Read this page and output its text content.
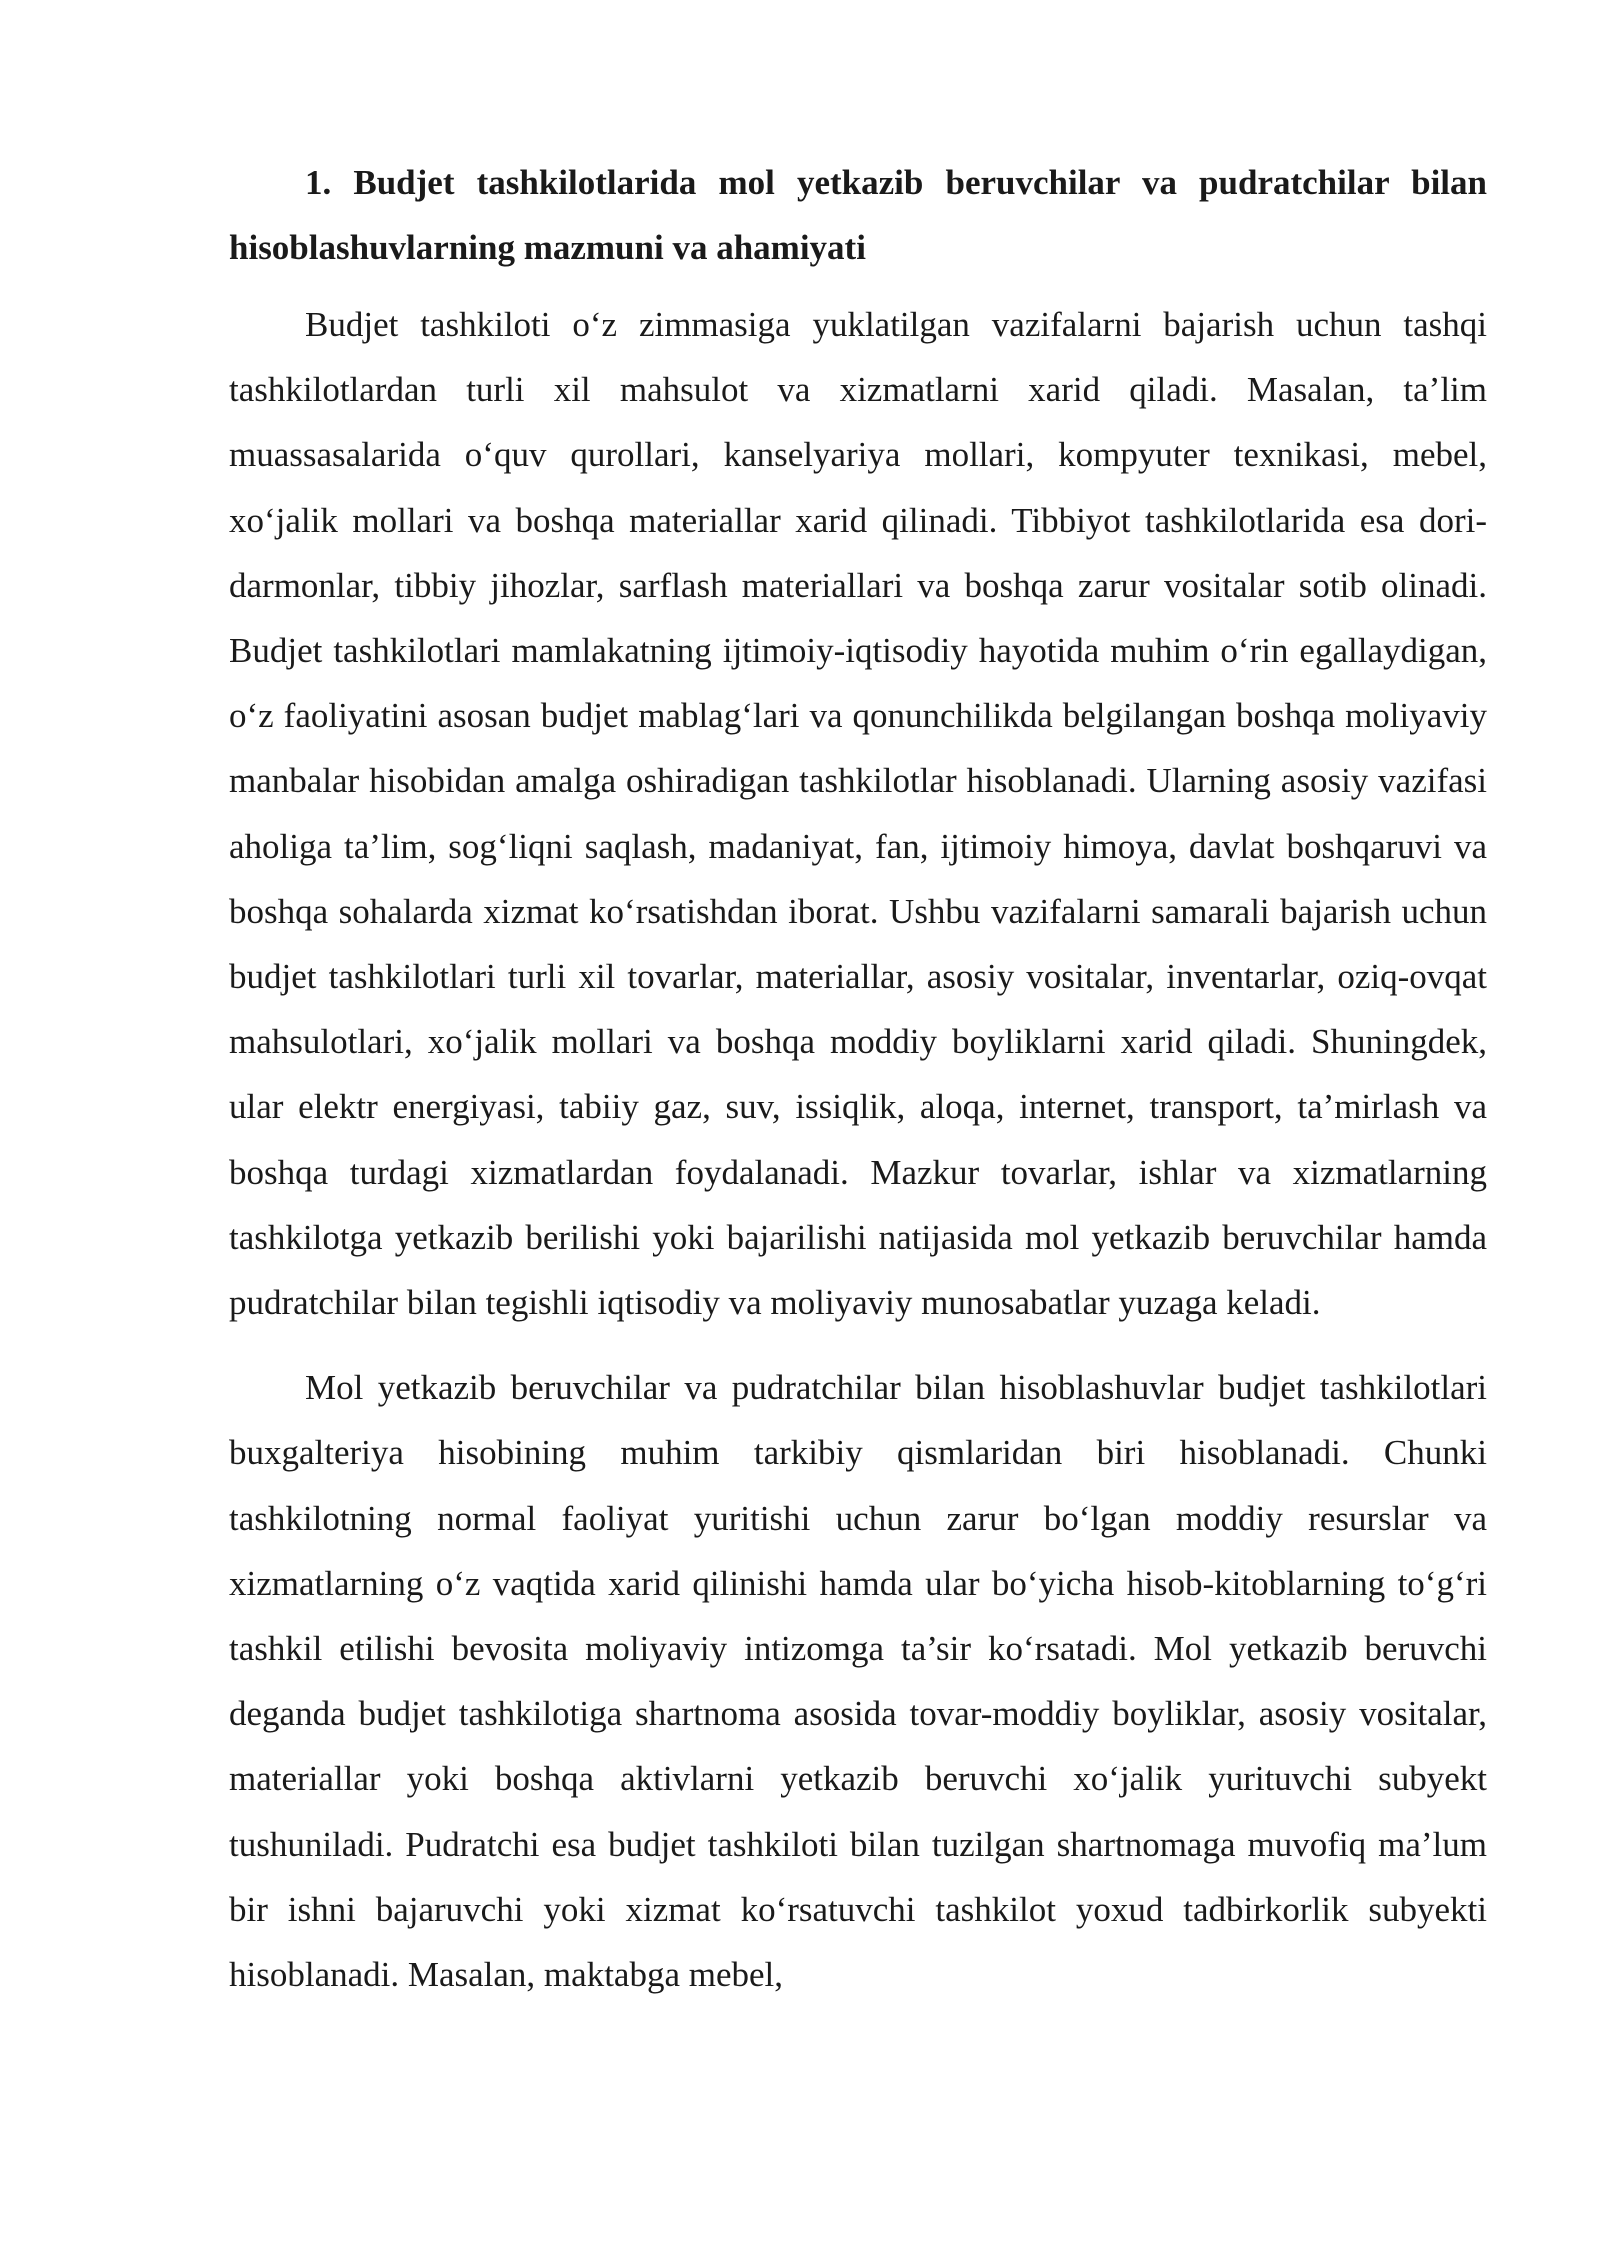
1. Budjet tashkilotlarida mol yetkazib beruvchilar va pudratchilar bilan hisoblashuvlarning mazmuni va ahamiyati

Budjet tashkiloti o‘z zimmasiga yuklatilgan vazifalarni bajarish uchun tashqi tashkilotlardan turli xil mahsulot va xizmatlarni xarid qiladi. Masalan, ta’lim muassasalarida o‘quv qurollari, kanselyariya mollari, kompyuter texnikasi, mebel, xo‘jalik mollari va boshqa materiallar xarid qilinadi. Tibbiyot tashkilotlarida esa dori-darmonlar, tibbiy jihozlar, sarflash materiallari va boshqa zarur vositalar sotib olinadi. Budjet tashkilotlari mamlakatning ijtimoiy-iqtisodiy hayotida muhim o‘rin egallaydigan, o‘z faoliyatini asosan budjet mablag‘lari va qonunchilikda belgilangan boshqa moliyaviy manbalar hisobidan amalga oshiradigan tashkilotlar hisoblanadi. Ularning asosiy vazifasi aholiga ta’lim, sog‘liqni saqlash, madaniyat, fan, ijtimoiy himoya, davlat boshqaruvi va boshqa sohalarda xizmat ko‘rsatishdan iborat. Ushbu vazifalarni samarali bajarish uchun budjet tashkilotlari turli xil tovarlar, materiallar, asosiy vositalar, inventarlar, oziq-ovqat mahsulotlari, xo‘jalik mollari va boshqa moddiy boyliklarni xarid qiladi. Shuningdek, ular elektr energiyasi, tabiiy gaz, suv, issiqlik, aloqa, internet, transport, ta’mirlash va boshqa turdagi xizmatlardan foydalanadi. Mazkur tovarlar, ishlar va xizmatlarning tashkilotga yetkazib berilishi yoki bajarilishi natijasida mol yetkazib beruvchilar hamda pudratchilar bilan tegishli iqtisodiy va moliyaviy munosabatlar yuzaga keladi.

Mol yetkazib beruvchilar va pudratchilar bilan hisoblashuvlar budjet tashkilotlari buxgalteriya hisobining muhim tarkibiy qismlaridan biri hisoblanadi. Chunki tashkilotning normal faoliyat yuritishi uchun zarur bo‘lgan moddiy resurslar va xizmatlarning o‘z vaqtida xarid qilinishi hamda ular bo‘yicha hisob-kitoblarning to‘g‘ri tashkil etilishi bevosita moliyaviy intizomga ta’sir ko‘rsatadi. Mol yetkazib beruvchi deganda budjet tashkilotiga shartnoma asosida tovar-moddiy boyliklar, asosiy vositalar, materiallar yoki boshqa aktivlarni yetkazib beruvchi xo‘jalik yurituvchi subyekt tushuniladi. Pudratchi esa budjet tashkiloti bilan tuzilgan shartnomaga muvofiq ma’lum bir ishni bajaruvchi yoki xizmat ko‘rsatuvchi tashkilot yoxud tadbirkorlik subyekti hisoblanadi. Masalan, maktabga mebel,
